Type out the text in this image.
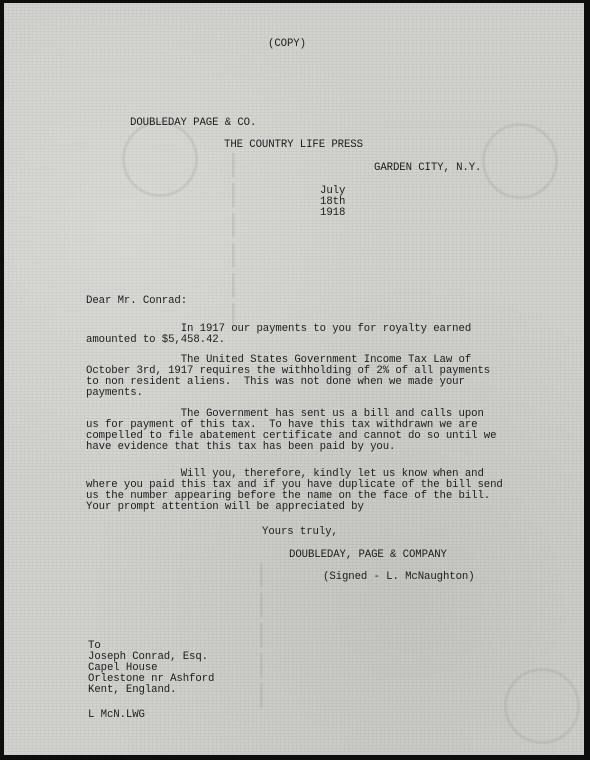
──────
─────
(COPY)
DOUBLEDAY PAGE & CO.
THE COUNTRY LIFE PRESS
GARDEN CITY, N.Y.
July
18th
1918
Dear Mr. Conrad:
In 1917 our payments to you for royalty earned
amounted to $5,458.42.
The United States Government Income Tax Law of
October 3rd, 1917 requires the withholding of 2% of all payments
to non resident aliens.  This was not done when we made your
payments.
The Government has sent us a bill and calls upon
us for payment of this tax.  To have this tax withdrawn we are
compelled to file abatement certificate and cannot do so until we
have evidence that this tax has been paid by you.
Will you, therefore, kindly let us know when and
where you paid this tax and if you have duplicate of the bill send
us the number appearing before the name on the face of the bill.
Your prompt attention will be appreciated by
Yours truly,
DOUBLEDAY, PAGE & COMPANY
(Signed - L. McNaughton)
To
Joseph Conrad, Esq.
Capel House
Orlestone nr Ashford
Kent, England.
L McN.LWG
